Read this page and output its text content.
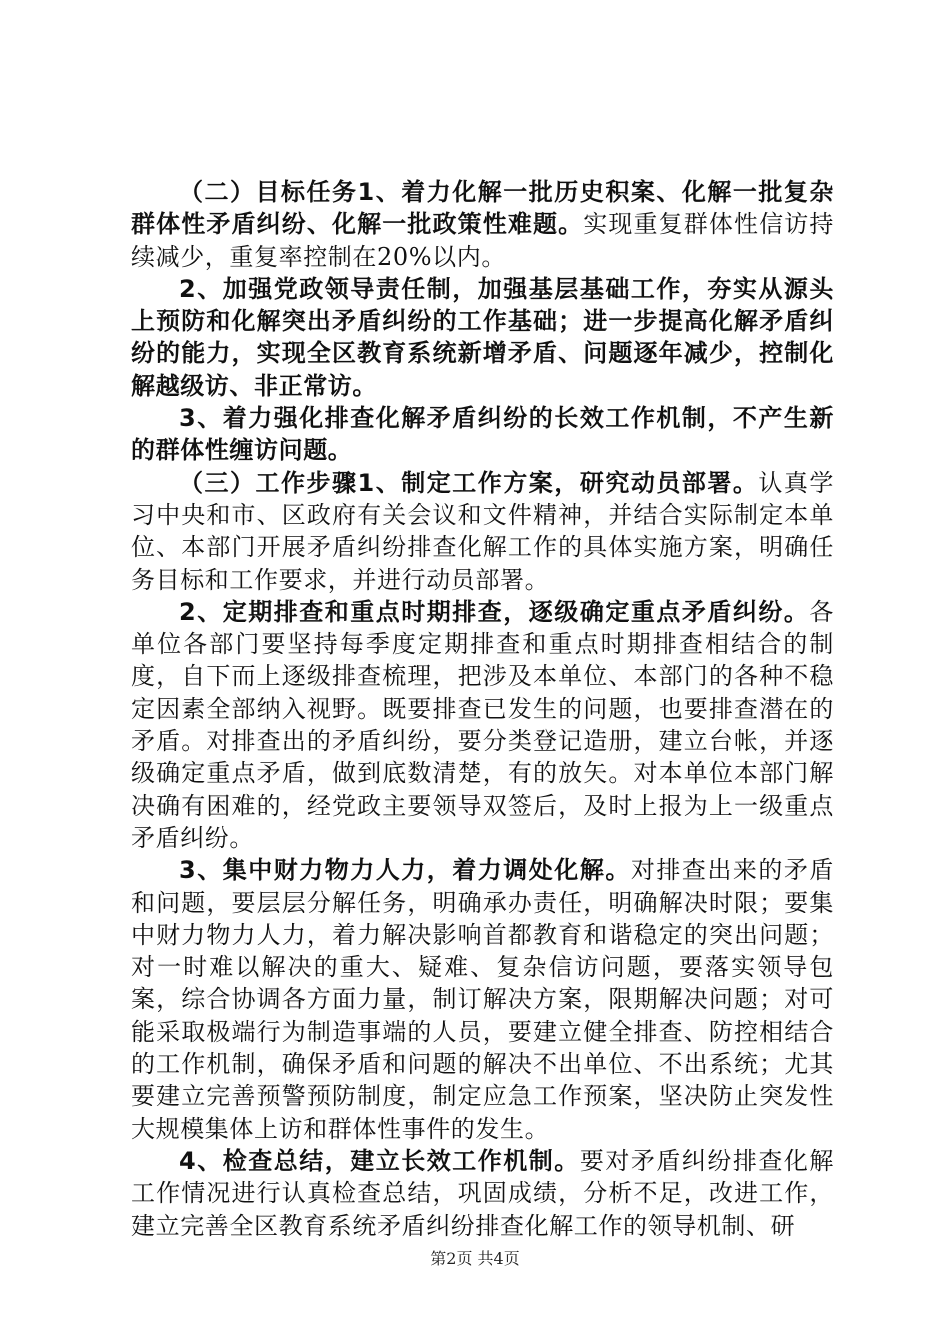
（二）目标任务1、着力化解一批历史积案、化解一批复杂群体性矛盾纠纷、化解一批政策性难题。实现重复群体性信访持续减少，重复率控制在20%以内。

2、加强党政领导责任制，加强基层基础工作，夯实从源头上预防和化解突出矛盾纠纷的工作基础；进一步提高化解矛盾纠纷的能力，实现全区教育系统新增矛盾、问题逐年减少，控制化解越级访、非正常访。

3、着力强化排查化解矛盾纠纷的长效工作机制，不产生新的群体性缠访问题。

（三）工作步骤1、制定工作方案，研究动员部署。认真学习中央和市、区政府有关会议和文件精神，并结合实际制定本单位、本部门开展矛盾纠纷排查化解工作的具体实施方案，明确任务目标和工作要求，并进行动员部署。

2、定期排查和重点时期排查，逐级确定重点矛盾纠纷。各单位各部门要坚持每季度定期排查和重点时期排查相结合的制度，自下而上逐级排查梳理，把涉及本单位、本部门的各种不稳定因素全部纳入视野。既要排查已发生的问题，也要排查潜在的矛盾。对排查出的矛盾纠纷，要分类登记造册，建立台帐，并逐级确定重点矛盾，做到底数清楚，有的放矢。对本单位本部门解决确有困难的，经党政主要领导双签后，及时上报为上一级重点矛盾纠纷。

3、集中财力物力人力，着力调处化解。对排查出来的矛盾和问题，要层层分解任务，明确承办责任，明确解决时限；要集中财力物力人力，着力解决影响首都教育和谐稳定的突出问题；对一时难以解决的重大、疑难、复杂信访问题，要落实领导包案，综合协调各方面力量，制订解决方案，限期解决问题；对可能采取极端行为制造事端的人员，要建立健全排查、防控相结合的工作机制，确保矛盾和问题的解决不出单位、不出系统；尤其要建立完善预警预防制度，制定应急工作预案，坚决防止突发性大规模集体上访和群体性事件的发生。

4、检查总结，建立长效工作机制。要对矛盾纠纷排查化解工作情况进行认真检查总结，巩固成绩，分析不足，改进工作，建立完善全区教育系统矛盾纠纷排查化解工作的领导机制、研

第2页 共4页
